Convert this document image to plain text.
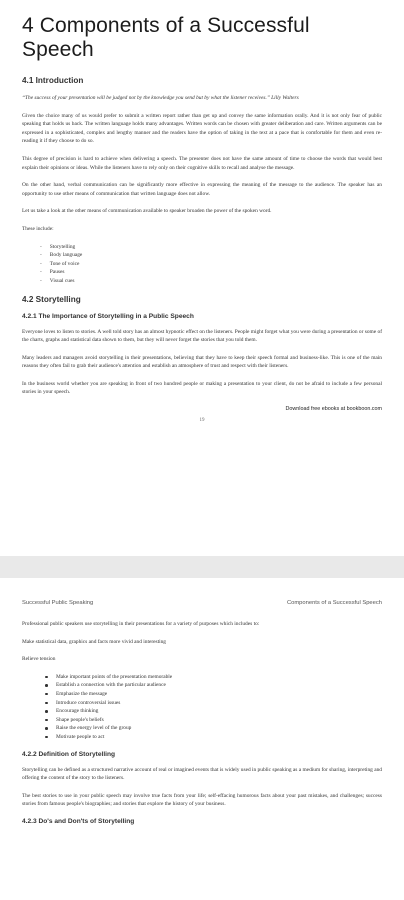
4 Components of a Successful Speech
4.1 Introduction

“The success of your presentation will be judged not by the knowledge you send but by what the listener receives.” Lilly Walters

Given the choice many of us would prefer to submit a written report rather than get up and convey the same information orally. And it is not only fear of public speaking that holds us back. The written language holds many advantages. Written words can be chosen with greater deliberation and care. Written arguments can be expressed in a sophisticated, complex and lengthy manner and the readers have the option of taking in the text at a pace that is comfortable for them and even re-reading it if they choose to do so.

This degree of precision is hard to achieve when delivering a speech. The presenter does not have the same amount of time to choose the words that would best explain their opinions or ideas. While the listeners have to rely only on their cognitive skills to recall and analyse the message.

On the other hand, verbal communication can be significantly more effective in expressing the meaning of the message to the audience. The speaker has an opportunity to use other means of communication that written language does not allow.

Let us take a look at the other means of communication available to speaker broaden the power of the spoken word.

These include:

- Storytelling
- Body language
- Tone of voice
- Pauses
- Visual cues
4.2 Storytelling
4.2.1 The Importance of Storytelling in a Public Speech

Everyone loves to listen to stories. A well told story has an almost hypnotic effect on the listeners. People might forget what you were during a presentation or some of the charts, graphs and statistical data shown to them, but they will never forget the stories that you told them.

Many leaders and managers avoid storytelling in their presentations, believing that they have to keep their speech formal and business-like. This is one of the main reasons they often fail to grab their audience's attention and establish an atmosphere of trust and respect with their listeners.

In the business world whether you are speaking in front of two hundred people or making a presentation to your client, do not be afraid to include a few personal stories in your speech.

Download free ebooks at bookboon.com
19
Successful Public Speaking	Components of a Successful Speech

Professional public speakers use storytelling in their presentations for a variety of purposes which includes to:

Make statistical data, graphics and facts more vivid and interesting

Relieve tension

Make important points of the presentation memorable
Establish a connection with the particular audience
Emphasize the message
Introduce controversial issues
Encourage thinking
Shape people's beliefs
Raise the energy level of the group
Motivate people to act
4.2.2 Definition of Storytelling

Storytelling can be defined as a structured narrative account of real or imagined events that is widely used in public speaking as a medium for sharing, interpreting and offering the content of the story to the listeners.

The best stories to use in your public speech may involve true facts from your life; self-effacing humorous facts about your past mistakes, and challenges; success stories from famous people's biographies; and stories that explore the history of your business.

4.2.3 Do's and Don'ts of Storytelling
